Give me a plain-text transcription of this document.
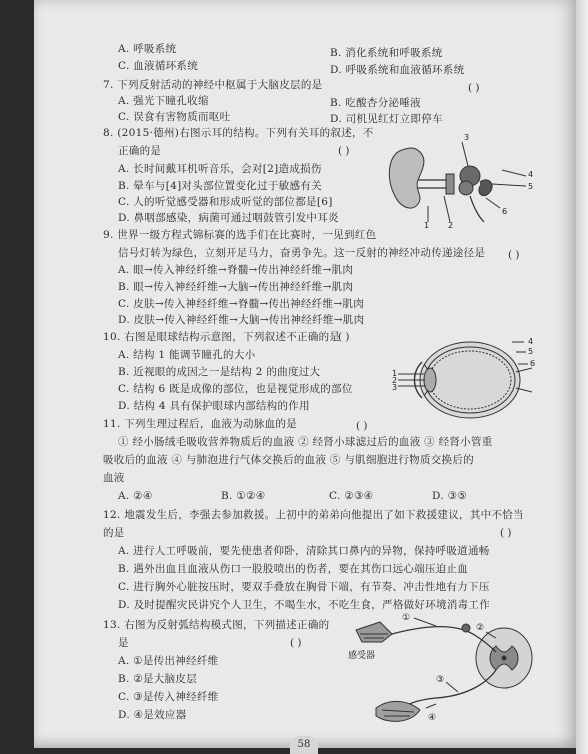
A. 呼吸系统	B. 消化系统和呼吸系统
C. 血液循环系统	D. 呼吸系统和血液循环系统
7. 下列反射活动的神经中枢属于大脑皮层的是	( )
A. 强光下瞳孔收缩	B. 吃酸杏分泌唾液
C. 误食有害物质而呕吐	D. 司机见红灯立即停车
8. (2015·德州)右图示耳的结构。下列有关耳的叙述，不
正确的是	( )
A. 长时间戴耳机听音乐，会对[2]造成损伤
B. 晕车与[4]对头部位置变化过于敏感有关
C. 人的听觉感受器和形成听觉的部位都是[6]
D. 鼻咽部感染，病菌可通过咽鼓管引发中耳炎
3
4
5
6
1 2
9. 世界一级方程式锦标赛的选手们在比赛时，一见到红色
信号灯转为绿色，立刻开足马力，奋勇争先。这一反射的神经冲动传递途径是 ( )
A. 眼→传入神经纤维→脊髓→传出神经纤维→肌肉
B. 眼→传入神经纤维→大脑→传出神经纤维→肌肉
C. 皮肤→传入神经纤维→脊髓→传出神经纤维→肌肉
D. 皮肤→传入神经纤维→大脑→传出神经纤维→肌肉
10. 右图是眼球结构示意图，下列叙述不正确的是
( )
A. 结构 1 能调节瞳孔的大小
B. 近视眼的成因之一是结构 2 的曲度过大
C. 结构 6 既是成像的部位，也是视觉形成的部位
D. 结构 4 具有保护眼球内部结构的作用
4
5
6
1
2
3
11. 下列生理过程后，血液为动脉血的是	( )
① 经小肠绒毛吸收营养物质后的血液 ② 经肾小球滤过后的血液 ③ 经肾小管重
吸收后的血液 ④ 与肺泡进行气体交换后的血液 ⑤ 与肌细胞进行物质交换后的
血液
A. ②④	B. ①②④	C. ②③④	D. ③⑤
12. 地震发生后，李强去参加救援。上初中的弟弟向他提出了如下救援建议，其中不恰当
的是	( )
A. 进行人工呼吸前，要先使患者仰卧，清除其口鼻内的异物，保持呼吸道通畅
B. 遇外出血且血液从伤口一股股喷出的伤者，要在其伤口远心端压迫止血
C. 进行胸外心脏按压时，要双手叠放在胸骨下端，有节奏、冲击性地有力下压
D. 及时提醒灾民讲究个人卫生，不喝生水，不吃生食，严格做好环境消毒工作
13. 右图为反射弧结构模式图，下列描述正确的
是	( )
A. ①是传出神经纤维
B. ②是大脑皮层
C. ③是传入神经纤维
D. ④是效应器
感受器
①
②
③
④
58
